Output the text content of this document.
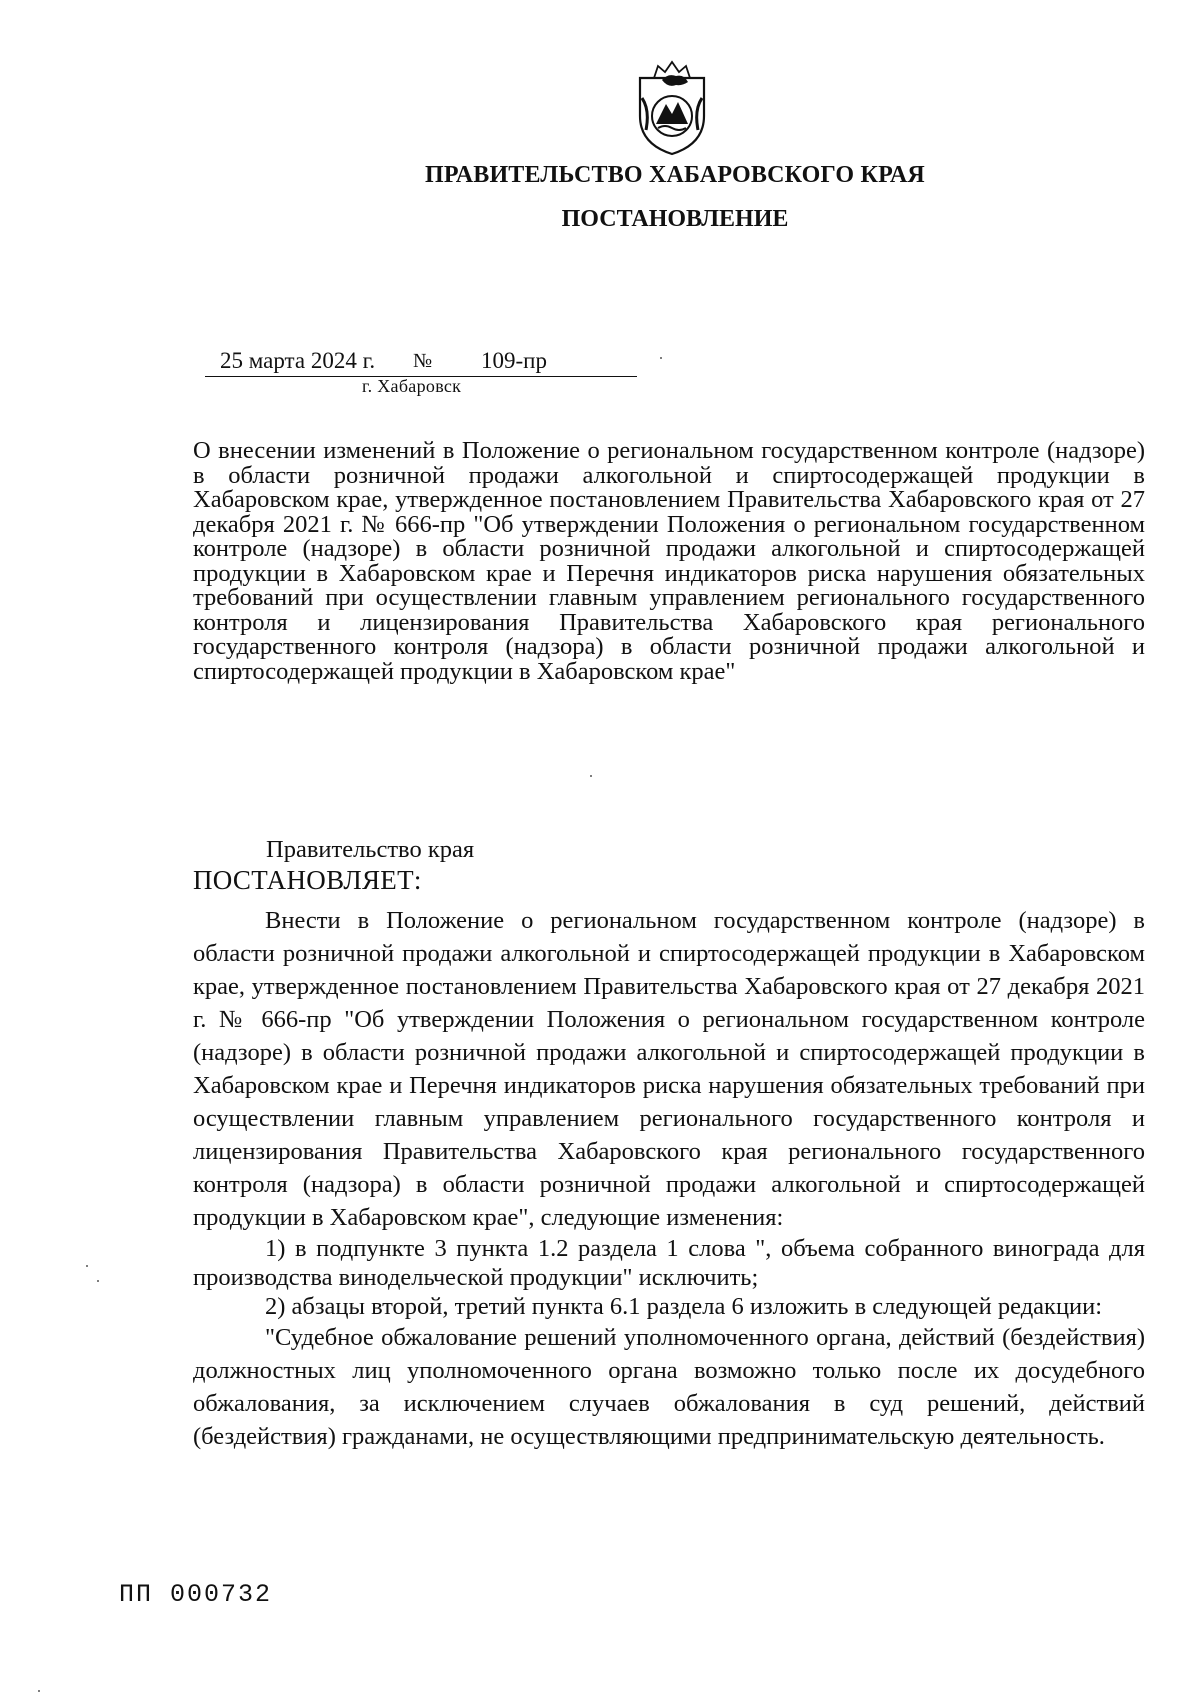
ПРАВИТЕЛЬСТВО ХАБАРОВСКОГО КРАЯ
ПОСТАНОВЛЕНИЕ
25 марта 2024 г. № 109-пр
г. Хабаровск

О внесении изменений в Положение о региональном государственном контроле (надзоре) в области розничной продажи алкогольной и спиртосодержащей продукции в Хабаровском крае, утвержденное постановлением Правительства Хабаровского края от 27 декабря 2021 г. № 666-пр "Об утверждении Положения о региональном государственном контроле (надзоре) в области розничной продажи алкогольной и спиртосодержащей продукции в Хабаровском крае и Перечня индикаторов риска нарушения обязательных требований при осуществлении главным управлением регионального государственного контроля и лицензирования Правительства Хабаровского края регионального государственного контроля (надзора) в области розничной продажи алкогольной и спиртосодержащей продукции в Хабаровском крае"

Правительство края
ПОСТАНОВЛЯЕТ:

Внести в Положение о региональном государственном контроле (надзоре) в области розничной продажи алкогольной и спиртосодержащей продукции в Хабаровском крае, утвержденное постановлением Правительства Хабаровского края от 27 декабря 2021 г. № 666-пр "Об утверждении Положения о региональном государственном контроле (надзоре) в области розничной продажи алкогольной и спиртосодержащей продукции в Хабаровском крае и Перечня индикаторов риска нарушения обязательных требований при осуществлении главным управлением регионального государственного контроля и лицензирования Правительства Хабаровского края регионального государственного контроля (надзора) в области розничной продажи алкогольной и спиртосодержащей продукции в Хабаровском крае", следующие изменения:

1) в подпункте 3 пункта 1.2 раздела 1 слова ", объема собранного винограда для производства винодельческой продукции" исключить;

2) абзацы второй, третий пункта 6.1 раздела 6 изложить в следующей редакции:

"Судебное обжалование решений уполномоченного органа, действий (бездействия) должностных лиц уполномоченного органа возможно только после их досудебного обжалования, за исключением случаев обжалования в суд решений, действий (бездействия) гражданами, не осуществляющими предпринимательскую деятельность.

ПП 000732
